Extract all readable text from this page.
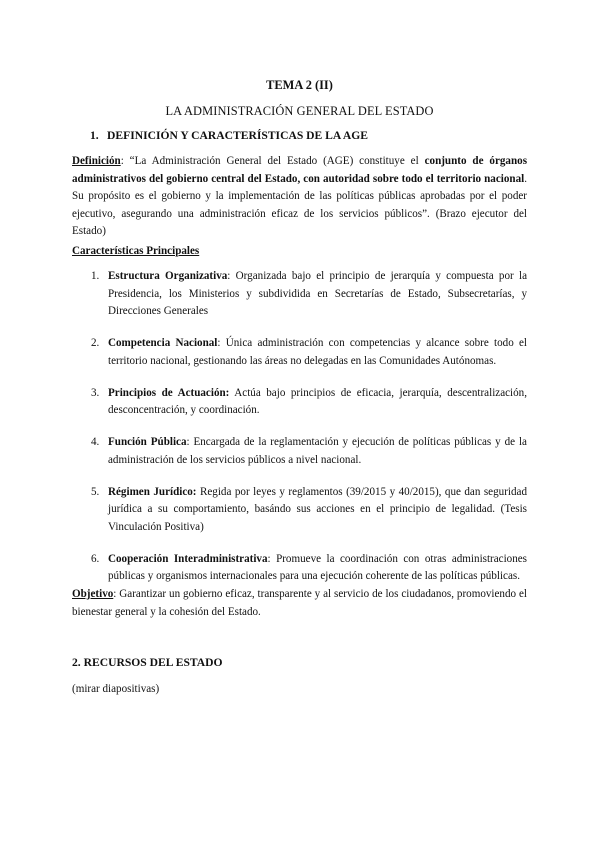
TEMA 2 (II)
LA ADMINISTRACIÓN GENERAL DEL ESTADO
1. DEFINICIÓN Y CARACTERÍSTICAS DE LA AGE
Definición: “La Administración General del Estado (AGE) constituye el conjunto de órganos administrativos del gobierno central del Estado, con autoridad sobre todo el territorio nacional. Su propósito es el gobierno y la implementación de las políticas públicas aprobadas por el poder ejecutivo, asegurando una administración eficaz de los servicios públicos”. (Brazo ejecutor del Estado)
Características Principales
1. Estructura Organizativa: Organizada bajo el principio de jerarquía y compuesta por la Presidencia, los Ministerios y subdividida en Secretarías de Estado, Subsecretarías, y Direcciones Generales
2. Competencia Nacional: Única administración con competencias y alcance sobre todo el territorio nacional, gestionando las áreas no delegadas en las Comunidades Autónomas.
3. Principios de Actuación: Actúa bajo principios de eficacia, jerarquía, descentralización, desconcentración, y coordinación.
4. Función Pública: Encargada de la reglamentación y ejecución de políticas públicas y de la administración de los servicios públicos a nivel nacional.
5. Régimen Jurídico: Regida por leyes y reglamentos (39/2015 y 40/2015), que dan seguridad jurídica a su comportamiento, basándo sus acciones en el principio de legalidad. (Tesis Vinculación Positiva)
6. Cooperación Interadministrativa: Promueve la coordinación con otras administraciones públicas y organismos internacionales para una ejecución coherente de las políticas públicas.
Objetivo: Garantizar un gobierno eficaz, transparente y al servicio de los ciudadanos, promoviendo el bienestar general y la cohesión del Estado.
2. RECURSOS DEL ESTADO
(mirar diapositivas)
